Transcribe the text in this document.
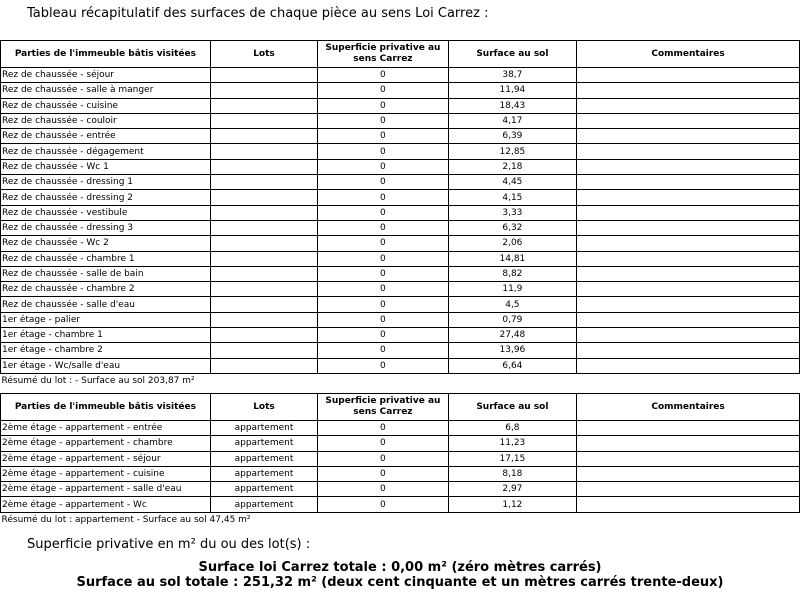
Tableau récapitulatif des surfaces de chaque pièce au sens Loi Carrez :
Parties de l'immeuble bâtis visitées	Lots	Superficie privative au sens Carrez	Surface au sol	Commentaires
Rez de chaussée - séjour		0	38,7	
Rez de chaussée - salle à manger		0	11,94	
Rez de chaussée - cuisine		0	18,43	
Rez de chaussée - couloir		0	4,17	
Rez de chaussée - entrée		0	6,39	
Rez de chaussée - dégagement		0	12,85	
Rez de chaussée - Wc 1		0	2,18	
Rez de chaussée - dressing 1		0	4,45	
Rez de chaussée - dressing 2		0	4,15	
Rez de chaussée - vestibule		0	3,33	
Rez de chaussée - dressing 3		0	6,32	
Rez de chaussée - Wc 2		0	2,06	
Rez de chaussée - chambre 1		0	14,81	
Rez de chaussée - salle de bain		0	8,82	
Rez de chaussée - chambre 2		0	11,9	
Rez de chaussée - salle d'eau		0	4,5	
1er étage - palier		0	0,79	
1er étage - chambre 1		0	27,48	
1er étage - chambre 2		0	13,96	
1er étage - Wc/salle d'eau		0	6,64	
Résumé du lot : - Surface au sol 203,87 m²				
Parties de l'immeuble bâtis visitées	Lots	Superficie privative au sens Carrez	Surface au sol	Commentaires
2ème étage - appartement - entrée	appartement	0	6,8	
2ème étage - appartement - chambre	appartement	0	11,23	
2ème étage - appartement - séjour	appartement	0	17,15	
2ème étage - appartement - cuisine	appartement	0	8,18	
2ème étage - appartement - salle d'eau	appartement	0	2,97	
2ème étage - appartement - Wc	appartement	0	1,12	
Résumé du lot : appartement - Surface au sol 47,45 m²				
Superficie privative en m² du ou des lot(s) :
Surface loi Carrez totale : 0,00 m² (zéro mètres carrés)
Surface au sol totale : 251,32 m² (deux cent cinquante et un mètres carrés trente-deux)
